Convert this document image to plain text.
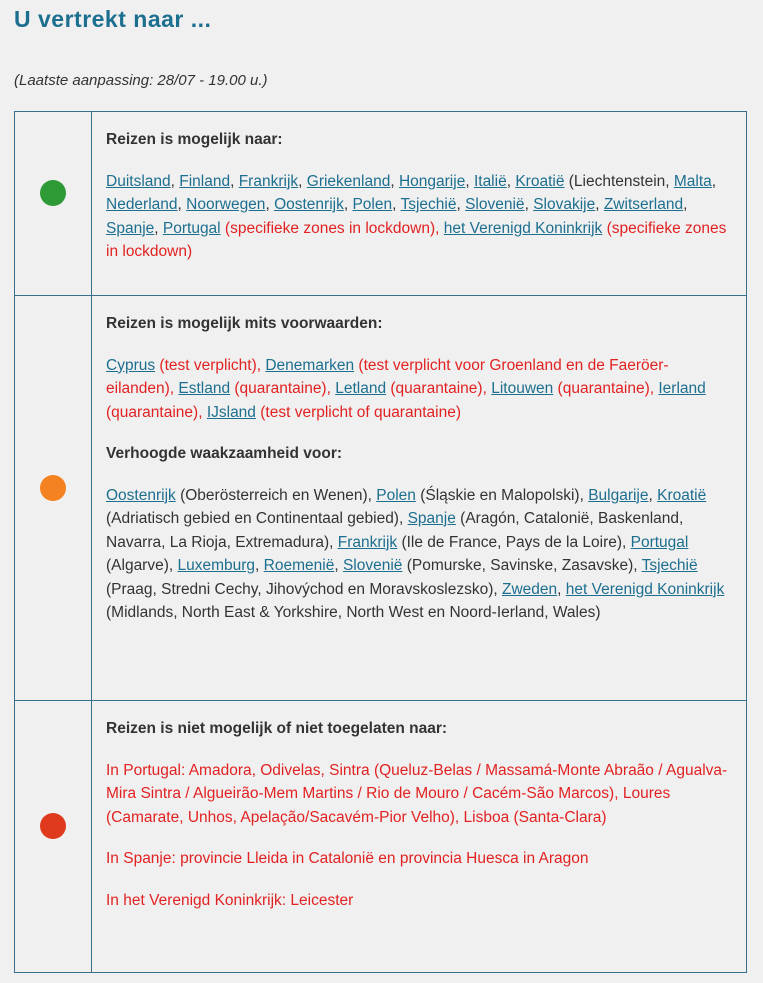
U vertrekt naar ...
(Laatste aanpassing: 28/07 - 19.00 u.)

	Reizen is mogelijk naar:
Duitsland, Finland, Frankrijk, Griekenland, Hongarije, Italië, Kroatië (Liechtenstein, Malta, Nederland, Noorwegen, Oostenrijk, Polen, Tsjechië, Slovenië, Slovakije, Zwitserland, Spanje, Portugal (specifieke zones in lockdown), het Verenigd Koninkrijk (specifieke zones in lockdown)

	Reizen is mogelijk mits voorwaarden:
Cyprus (test verplicht), Denemarken (test verplicht voor Groenland en de Faeröer-eilanden), Estland (quarantaine), Letland (quarantaine), Litouwen (quarantaine), Ierland (quarantaine), IJsland (test verplicht of quarantaine)
Verhoogde waakzaamheid voor:
Oostenrijk (Oberösterreich en Wenen), Polen (Śląskie en Malopolski), Bulgarije, Kroatië (Adriatisch gebied en Continentaal gebied), Spanje (Aragón, Catalonië, Baskenland, Navarra, La Rioja, Extremadura), Frankrijk (Ile de France, Pays de la Loire), Portugal (Algarve), Luxemburg, Roemenië, Slovenië (Pomurske, Savinske, Zasavske), Tsjechië (Praag, Stredni Cechy, Jihovýchod en Moravskoslezsko), Zweden, het Verenigd Koninkrijk (Midlands, North East & Yorkshire, North West en Noord-Ierland, Wales)

	Reizen is niet mogelijk of niet toegelaten naar:
In Portugal: Amadora, Odivelas, Sintra (Queluz-Belas / Massamá-Monte Abraão / Agualva-Mira Sintra / Algueirão-Mem Martins / Rio de Mouro / Cacém-São Marcos), Loures (Camarate, Unhos, Apelação/Sacavém-Pior Velho), Lisboa (Santa-Clara)
In Spanje: provincie Lleida in Catalonië en provincia Huesca in Aragon
In het Verenigd Koninkrijk: Leicester
